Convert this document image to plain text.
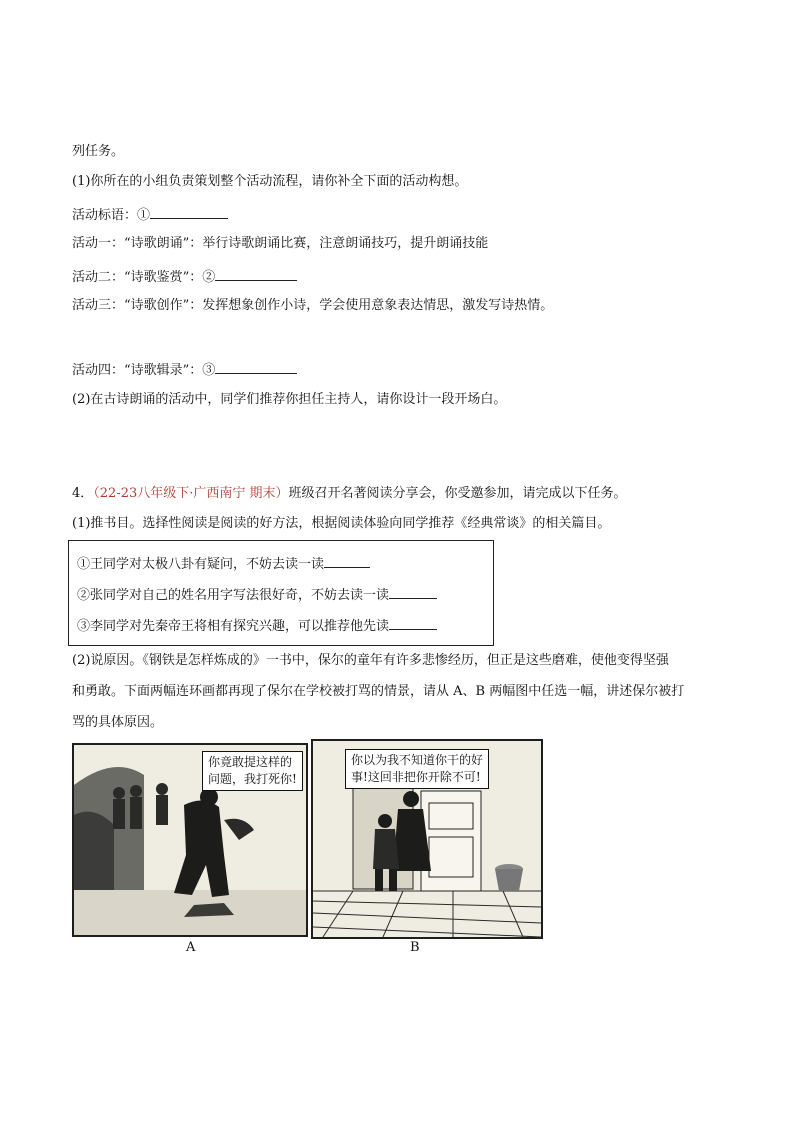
列任务。
(1)你所在的小组负责策划整个活动流程，请你补全下面的活动构想。
活动标语：①
活动一：“诗歌朗诵”：举行诗歌朗诵比赛，注意朗诵技巧，提升朗诵技能
活动二：“诗歌鉴赏”：②
活动三：“诗歌创作”：发挥想象创作小诗，学会使用意象表达情思，激发写诗热情。
活动四：“诗歌辑录”：③
(2)在古诗朗诵的活动中，同学们推荐你担任主持人，请你设计一段开场白。
4．（22-23八年级下·广西南宁 期末）班级召开名著阅读分享会，你受邀参加，请完成以下任务。
(1)推书目。选择性阅读是阅读的好方法，根据阅读体验向同学推荐《经典常谈》的相关篇目。
①王同学对太极八卦有疑问，不妨去读一读
②张同学对自己的姓名用字写法很好奇，不妨去读一读
③李同学对先秦帝王将相有探究兴趣，可以推荐他先读
(2)说原因。《钢铁是怎样炼成的》一书中，保尔的童年有许多悲惨经历，但正是这些磨难，使他变得坚强
和勇敢。下面两幅连环画都再现了保尔在学校被打骂的情景，请从 A、B 两幅图中任选一幅，讲述保尔被打
骂的具体原因。
你竟敢提这样的
问题，我打死你!
A
你以为我不知道你干的好
事!这回非把你开除不可!
B
